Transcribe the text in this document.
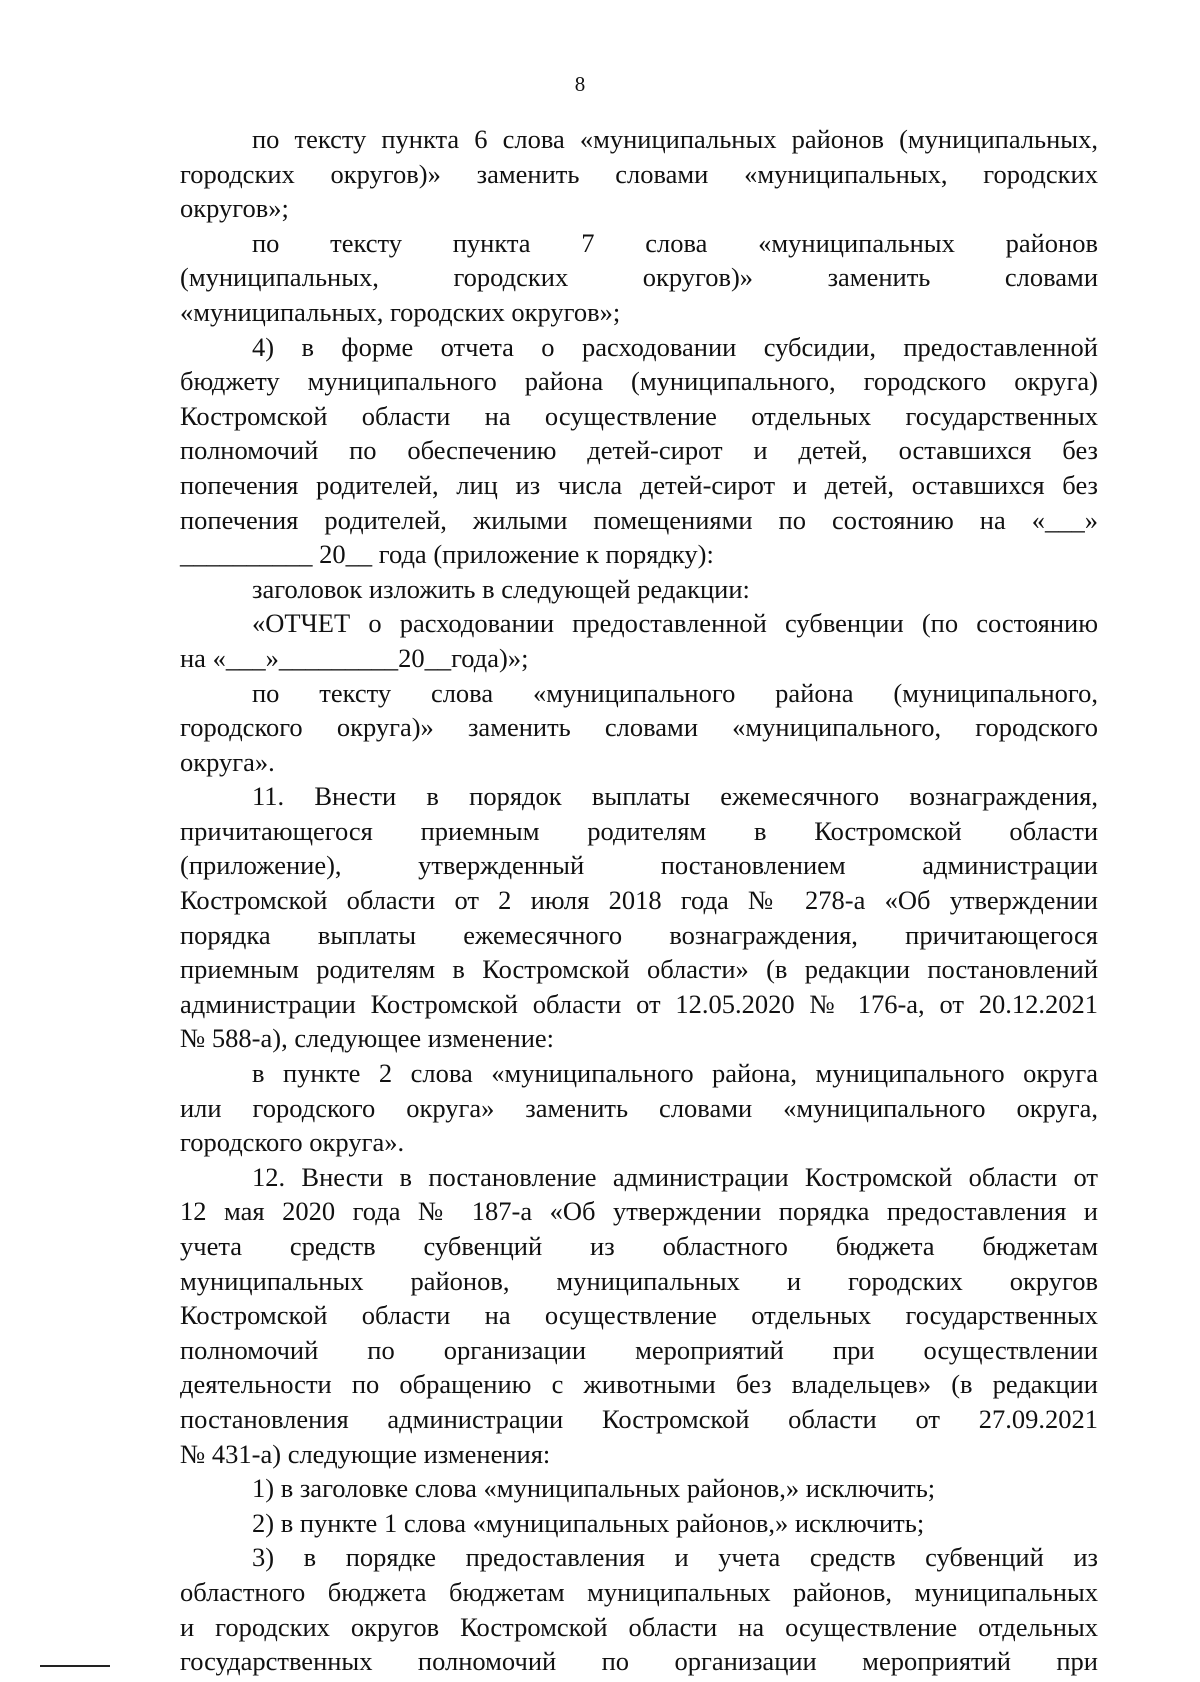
8

по тексту пункта 6 слова «муниципальных районов (муниципальных,

городских округов)» заменить словами «муниципальных, городских

округов»;

по тексту пункта 7 слова «муниципальных районов

(муниципальных, городских округов)» заменить словами

«муниципальных, городских округов»;

4) в форме отчета о расходовании субсидии, предоставленной

бюджету муниципального района (муниципального, городского округа)

Костромской области на осуществление отдельных государственных

полномочий по обеспечению детей-сирот и детей, оставшихся без

попечения родителей, лиц из числа детей-сирот и детей, оставшихся без

попечения родителей, жилыми помещениями по состоянию на «___»

__________ 20__ года (приложение к порядку):

заголовок изложить в следующей редакции:

«ОТЧЕТ о расходовании предоставленной субвенции (по состоянию

на «___»_________20__года)»;

по тексту слова «муниципального района (муниципального,

городского округа)» заменить словами «муниципального, городского

округа».

11. Внести в порядок выплаты ежемесячного вознаграждения,

причитающегося приемным родителям в Костромской области

(приложение), утвержденный постановлением администрации

Костромской области от 2 июля 2018 года № 278-а «Об утверждении

порядка выплаты ежемесячного вознаграждения, причитающегося

приемным родителям в Костромской области» (в редакции постановлений

администрации Костромской области от 12.05.2020 № 176-а, от 20.12.2021

№ 588-а), следующее изменение:

в пункте 2 слова «муниципального района, муниципального округа

или городского округа» заменить словами «муниципального округа,

городского округа».

12. Внести в постановление администрации Костромской области от

12 мая 2020 года № 187-а «Об утверждении порядка предоставления и

учета средств субвенций из областного бюджета бюджетам

муниципальных районов, муниципальных и городских округов

Костромской области на осуществление отдельных государственных

полномочий по организации мероприятий при осуществлении

деятельности по обращению с животными без владельцев» (в редакции

постановления администрации Костромской области от 27.09.2021

№ 431-а) следующие изменения:

1) в заголовке слова «муниципальных районов,» исключить;

2) в пункте 1 слова «муниципальных районов,» исключить;

3) в порядке предоставления и учета средств субвенций из

областного бюджета бюджетам муниципальных районов, муниципальных

и городских округов Костромской области на осуществление отдельных

государственных полномочий по организации мероприятий при
